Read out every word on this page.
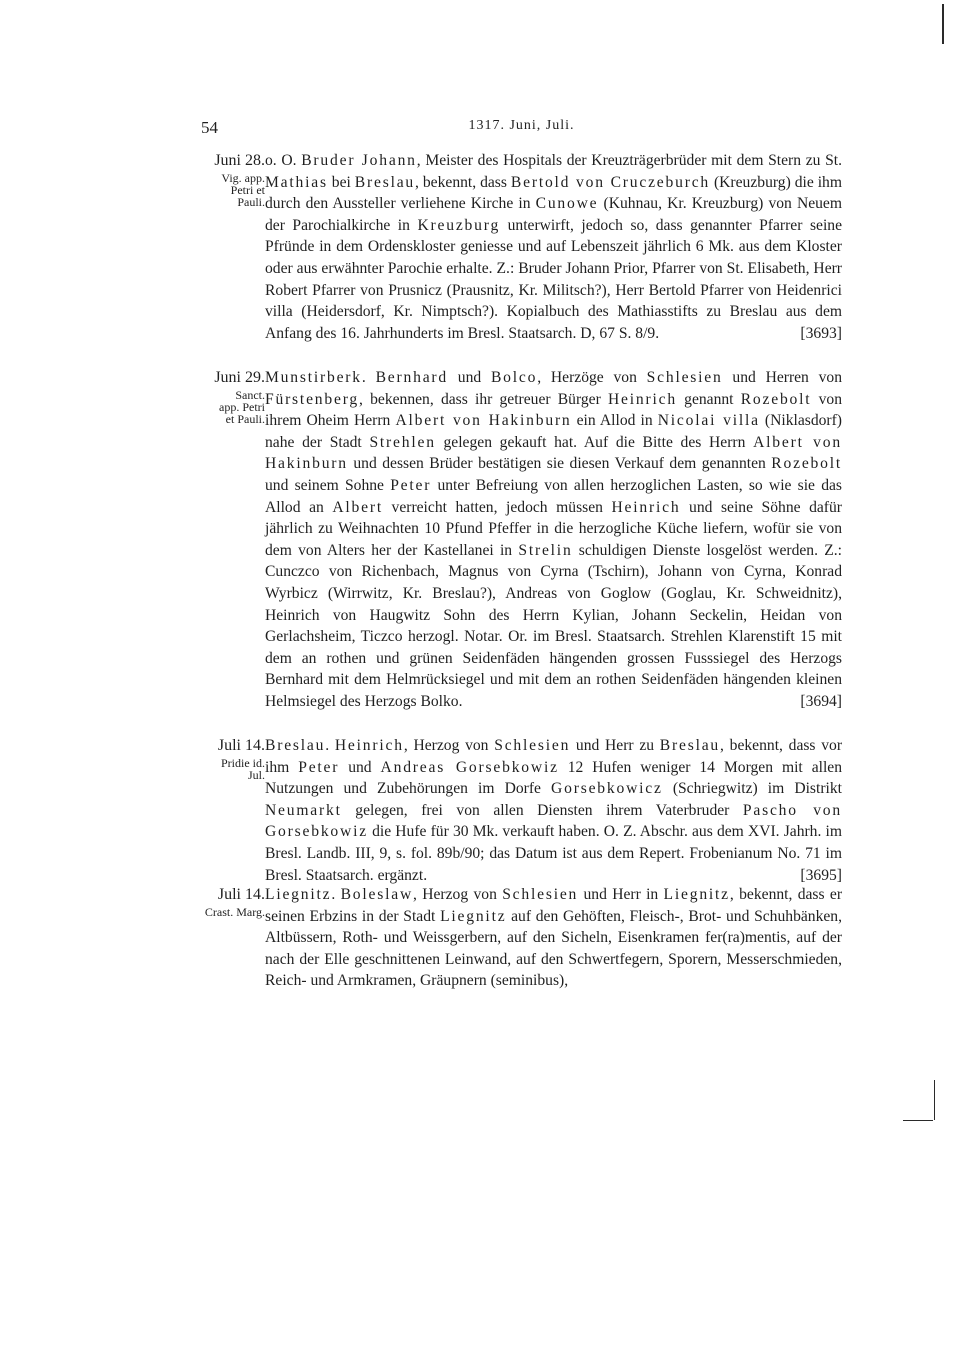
54	1317. Juni, Juli.
Juni 28.
Vig. app.
Petri et
Pauli.

o. O. Bruder Johann, Meister des Hospitals der Kreuzträgerbrüder mit dem Stern zu St. Mathias bei Breslau, bekennt, dass Bertold von Cruczeburch (Kreuzburg) die ihm durch den Aussteller verliehene Kirche in Cunowe (Kuhnau, Kr. Kreuzburg) von Neuem der Parochialkirche in Kreuzburg unterwirft, jedoch so, dass genannter Pfarrer seine Pfründe in dem Ordenskloster geniesse und auf Lebenszeit jährlich 6 Mk. aus dem Kloster oder aus erwähnter Parochie erhalte. Z.: Bruder Johann Prior, Pfarrer von St. Elisabeth, Herr Robert Pfarrer von Prusnicz (Prausnitz, Kr. Militsch?), Herr Bertold Pfarrer von Heidenrici villa (Heidersdorf, Kr. Nimptsch?). Kopialbuch des Mathiasstifts zu Breslau aus dem Anfang des 16. Jahrhunderts im Bresl. Staatsarch. D, 67 S. 8/9.	[3693]

Juni 29.
Sanct.
app. Petri
et Pauli.

Munstirberk. Bernhard und Bolco, Herzöge von Schlesien und Herren von Fürstenberg, bekennen, dass ihr getreuer Bürger Heinrich genannt Rozebolt von ihrem Oheim Herrn Albert von Hakinburn ein Allod in Nicolai villa (Niklasdorf) nahe der Stadt Strehlen gelegen gekauft hat. Auf die Bitte des Herrn Albert von Hakinburn und dessen Brüder bestätigen sie diesen Verkauf dem genannten Rozebolt und seinem Sohne Peter unter Befreiung von allen herzoglichen Lasten, so wie sie das Allod an Albert verreicht hatten, jedoch müssen Heinrich und seine Söhne dafür jährlich zu Weihnachten 10 Pfund Pfeffer in die herzogliche Küche liefern, wofür sie von dem von Alters her der Kastellanei in Strelin schuldigen Dienste losgelöst werden. Z.: Cunczco von Richenbach, Magnus von Cyrna (Tschirn), Johann von Cyrna, Konrad Wyrbicz (Wirrwitz, Kr. Breslau?), Andreas von Goglow (Goglau, Kr. Schweidnitz), Heinrich von Haugwitz Sohn des Herrn Kylian, Johann Seckelin, Heidan von Gerlachsheim, Ticzco herzogl. Notar. Or. im Bresl. Staatsarch. Strehlen Klarenstift 15 mit dem an rothen und grünen Seidenfäden hängenden grossen Fusssiegel des Herzogs Bernhard mit dem Helmrücksiegel und mit dem an rothen Seidenfäden hängenden kleinen Helmsiegel des Herzogs Bolko.	[3694]

Juli 14.
Pridie id.
Jul.

Breslau. Heinrich, Herzog von Schlesien und Herr zu Breslau, bekennt, dass vor ihm Peter und Andreas Gorsebkowiz 12 Hufen weniger 14 Morgen mit allen Nutzungen und Zubehörungen im Dorfe Gorsebkowicz (Schriegwitz) im Distrikt Neumarkt gelegen, frei von allen Diensten ihrem Vaterbruder Pascho von Gorsebkowiz die Hufe für 30 Mk. verkauft haben. O. Z. Abschr. aus dem XVI. Jahrh. im Bresl. Landb. III, 9, s. fol. 89b/90; das Datum ist aus dem Repert. Frobenianum No. 71 im Bresl. Staatsarch. ergänzt.	[3695]

Juli 14.
Crast. Marg.

Liegnitz. Boleslaw, Herzog von Schlesien und Herr in Liegnitz, bekennt, dass er seinen Erbzins in der Stadt Liegnitz auf den Gehöften, Fleisch-, Brot- und Schuhbänken, Altbüssern, Roth- und Weissgerbern, auf den Sicheln, Eisenkramen fer(ra)mentis, auf der nach der Elle geschnittenen Leinwand, auf den Schwertfegern, Sporern, Messerschmieden, Reich- und Armkramen, Gräupnern (seminibus),
